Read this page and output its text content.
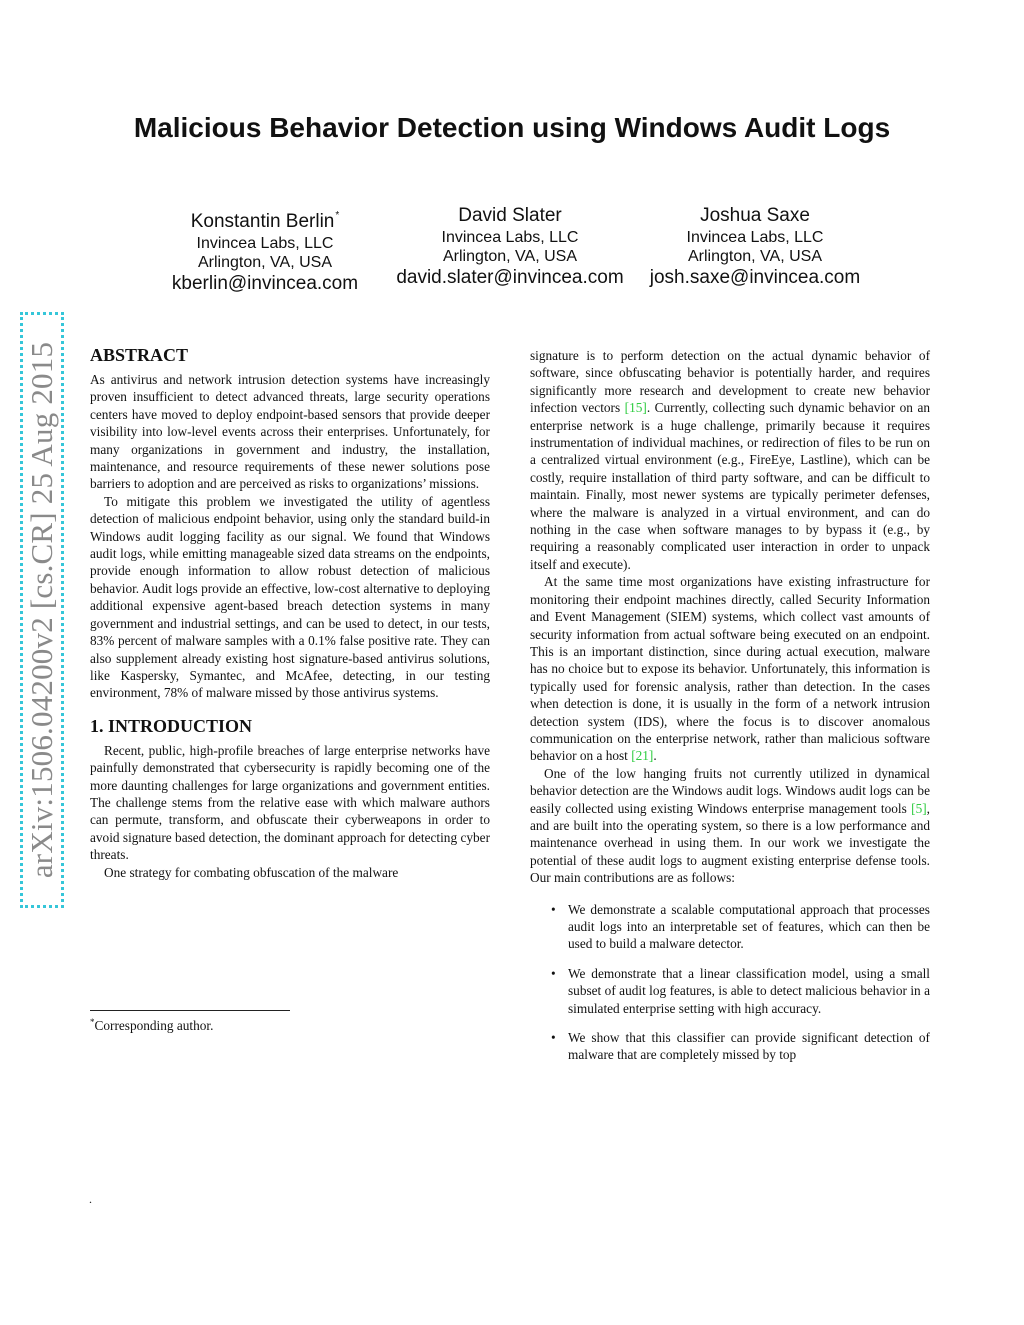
arXiv:1506.04200v2 [cs.CR] 25 Aug 2015
Malicious Behavior Detection using Windows Audit Logs
Konstantin Berlin*
Invincea Labs, LLC
Arlington, VA, USA
kberlin@invincea.com
David Slater
Invincea Labs, LLC
Arlington, VA, USA
david.slater@invincea.com
Joshua Saxe
Invincea Labs, LLC
Arlington, VA, USA
josh.saxe@invincea.com
ABSTRACT

As antivirus and network intrusion detection systems have increasingly proven insufficient to detect advanced threats, large security operations centers have moved to deploy endpoint-based sensors that provide deeper visibility into low-level events across their enterprises. Unfortunately, for many organizations in government and industry, the installation, maintenance, and resource requirements of these newer solutions pose barriers to adoption and are perceived as risks to organizations’ missions.

To mitigate this problem we investigated the utility of agentless detection of malicious endpoint behavior, using only the standard build-in Windows audit logging facility as our signal. We found that Windows audit logs, while emitting manageable sized data streams on the endpoints, provide enough information to allow robust detection of malicious behavior. Audit logs provide an effective, low-cost alternative to deploying additional expensive agent-based breach detection systems in many government and industrial settings, and can be used to detect, in our tests, 83% percent of malware samples with a 0.1% false positive rate. They can also supplement already existing host signature-based antivirus solutions, like Kaspersky, Symantec, and McAfee, detecting, in our testing environment, 78% of malware missed by those antivirus systems.

1. INTRODUCTION

Recent, public, high-profile breaches of large enterprise networks have painfully demonstrated that cybersecurity is rapidly becoming one of the more daunting challenges for large organizations and government entities. The challenge stems from the relative ease with which malware authors can permute, transform, and obfuscate their cyberweapons in order to avoid signature based detection, the dominant approach for detecting cyber threats.

One strategy for combating obfuscation of the malware

signature is to perform detection on the actual dynamic behavior of software, since obfuscating behavior is potentially harder, and requires significantly more research and development to create new behavior infection vectors [15]. Currently, collecting such dynamic behavior on an enterprise network is a huge challenge, primarily because it requires instrumentation of individual machines, or redirection of files to be run on a centralized virtual environment (e.g., FireEye, Lastline), which can be costly, require installation of third party software, and can be difficult to maintain. Finally, most newer systems are typically perimeter defenses, where the malware is analyzed in a virtual environment, and can do nothing in the case when software manages to by bypass it (e.g., by requiring a reasonably complicated user interaction in order to unpack itself and execute).

At the same time most organizations have existing infrastructure for monitoring their endpoint machines directly, called Security Information and Event Management (SIEM) systems, which collect vast amounts of security information from actual software being executed on an endpoint. This is an important distinction, since during actual execution, malware has no choice but to expose its behavior. Unfortunately, this information is typically used for forensic analysis, rather than detection. In the cases when detection is done, it is usually in the form of a network intrusion detection system (IDS), where the focus is to discover anomalous communication on the enterprise network, rather than malicious software behavior on a host [21].

One of the low hanging fruits not currently utilized in dynamical behavior detection are the Windows audit logs. Windows audit logs can be easily collected using existing Windows enterprise management tools [5], and are built into the operating system, so there is a low performance and maintenance overhead in using them. In our work we investigate the potential of these audit logs to augment existing enterprise defense tools. Our main contributions are as follows:

• We demonstrate a scalable computational approach that processes audit logs into an interpretable set of features, which can then be used to build a malware detector.
• We demonstrate that a linear classification model, using a small subset of audit log features, is able to detect malicious behavior in a simulated enterprise setting with high accuracy.
• We show that this classifier can provide significant detection of malware that are completely missed by top
*Corresponding author.
.
